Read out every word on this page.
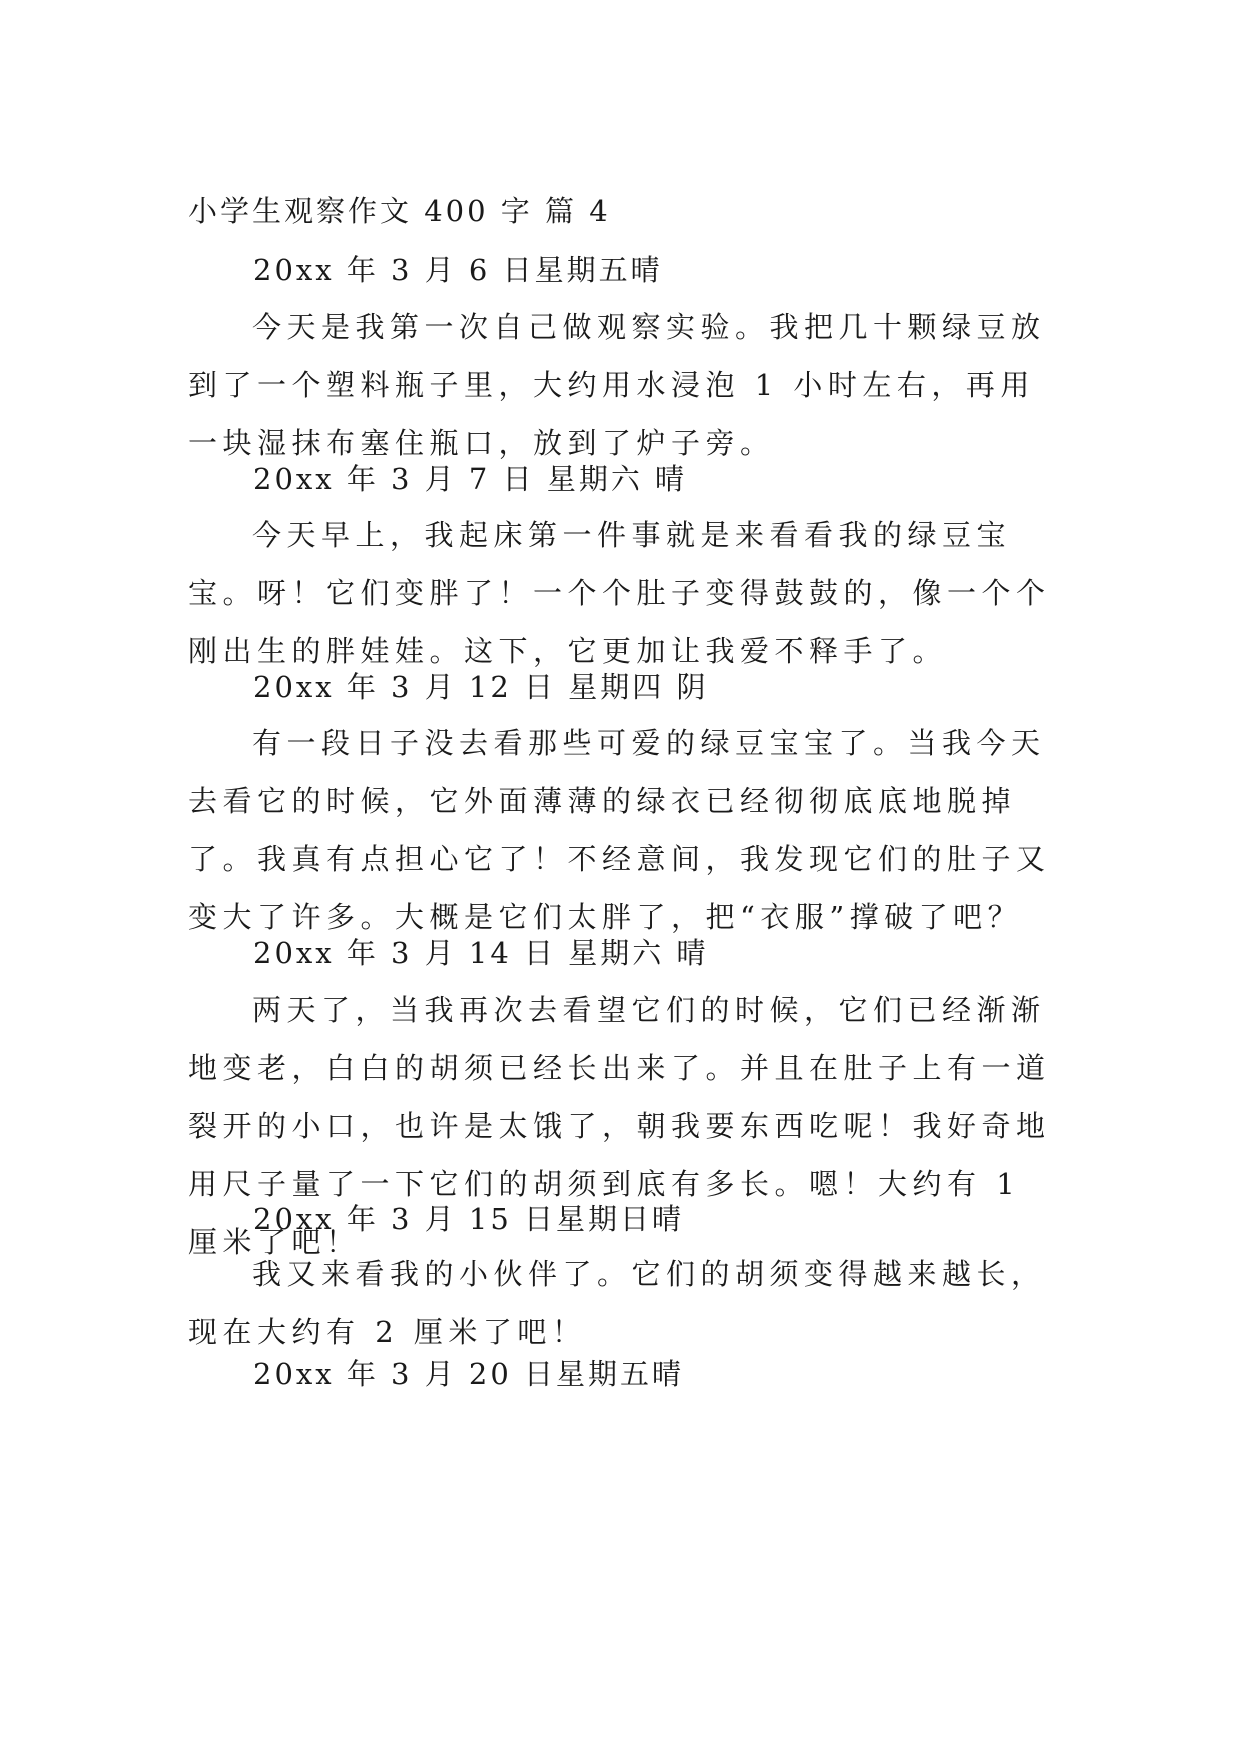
小学生观察作文 400 字 篇 4
20xx 年 3 月 6 日星期五晴

今天是我第一次自己做观察实验。我把几十颗绿豆放到了一个塑料瓶子里，大约用水浸泡 1 小时左右，再用一块湿抹布塞住瓶口，放到了炉子旁。

20xx 年 3 月 7 日 星期六 晴

今天早上，我起床第一件事就是来看看我的绿豆宝宝。呀！它们变胖了！一个个肚子变得鼓鼓的，像一个个刚出生的胖娃娃。这下，它更加让我爱不释手了。

20xx 年 3 月 12 日 星期四 阴

有一段日子没去看那些可爱的绿豆宝宝了。当我今天去看它的时候，它外面薄薄的绿衣已经彻彻底底地脱掉了。我真有点担心它了！不经意间，我发现它们的肚子又变大了许多。大概是它们太胖了，把“衣服”撑破了吧？

20xx 年 3 月 14 日 星期六 晴

两天了，当我再次去看望它们的时候，它们已经渐渐地变老，白白的胡须已经长出来了。并且在肚子上有一道裂开的小口，也许是太饿了，朝我要东西吃呢！我好奇地用尺子量了一下它们的胡须到底有多长。嗯！大约有 1 厘米了吧！

20xx 年 3 月 15 日星期日晴

我又来看我的小伙伴了。它们的胡须变得越来越长，现在大约有 2 厘米了吧！

20xx 年 3 月 20 日星期五晴
